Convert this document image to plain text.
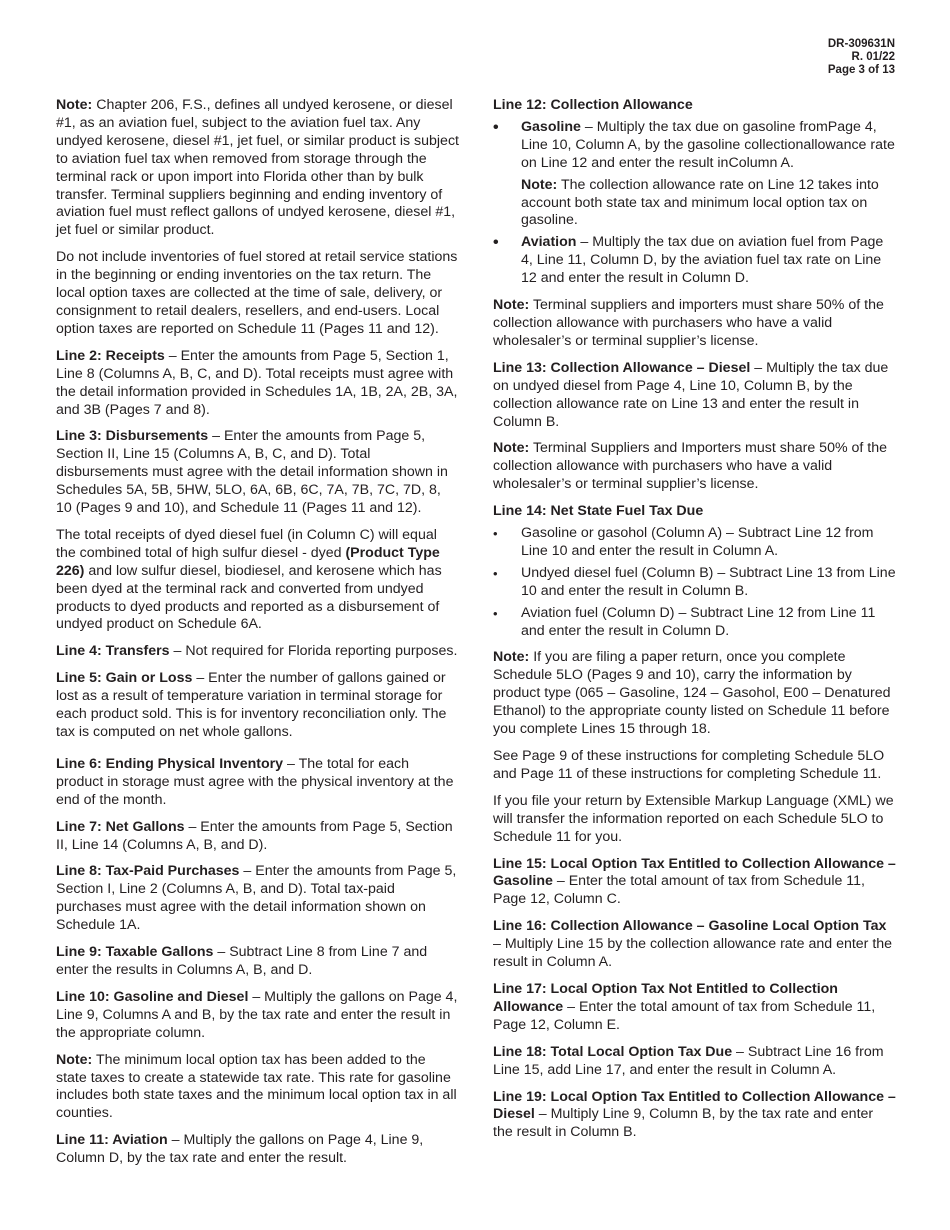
DR-309631N
R. 01/22
Page 3 of 13

Note: Chapter 206, F.S., defines all undyed kerosene, or diesel #1, as an aviation fuel, subject to the aviation fuel tax. Any undyed kerosene, diesel #1, jet fuel, or similar product is subject to aviation fuel tax when removed from storage through the terminal rack or upon import into Florida other than by bulk transfer. Terminal suppliers beginning and ending inventory of aviation fuel must reflect gallons of undyed kerosene, diesel #1, jet fuel or similar product.

Do not include inventories of fuel stored at retail service stations in the beginning or ending inventories on the tax return. The local option taxes are collected at the time of sale, delivery, or consignment to retail dealers, resellers, and end-users. Local option taxes are reported on Schedule 11 (Pages 11 and 12).

Line 2: Receipts – Enter the amounts from Page 5, Section 1, Line 8 (Columns A, B, C, and D). Total receipts must agree with the detail information provided in Schedules 1A, 1B, 2A, 2B, 3A, and 3B (Pages 7 and 8).

Line 3: Disbursements – Enter the amounts from Page 5, Section II, Line 15 (Columns A, B, C, and D). Total disbursements must agree with the detail information shown in Schedules 5A, 5B, 5HW, 5LO, 6A, 6B, 6C, 7A, 7B, 7C, 7D, 8, 10 (Pages 9 and 10), and Schedule 11 (Pages 11 and 12).

The total receipts of dyed diesel fuel (in Column C) will equal the combined total of high sulfur diesel - dyed (Product Type 226) and low sulfur diesel, biodiesel, and kerosene which has been dyed at the terminal rack and converted from undyed products to dyed products and reported as a disbursement of undyed product on Schedule 6A.

Line 4: Transfers – Not required for Florida reporting purposes.

Line 5: Gain or Loss – Enter the number of gallons gained or lost as a result of temperature variation in terminal storage for each product sold. This is for inventory reconciliation only. The tax is computed on net whole gallons.

Line 6: Ending Physical Inventory – The total for each product in storage must agree with the physical inventory at the end of the month.

Line 7: Net Gallons – Enter the amounts from Page 5, Section II, Line 14 (Columns A, B, and D).

Line 8: Tax-Paid Purchases – Enter the amounts from Page 5, Section I, Line 2 (Columns A, B, and D). Total tax-paid purchases must agree with the detail information shown on Schedule 1A.

Line 9: Taxable Gallons – Subtract Line 8 from Line 7 and enter the results in Columns A, B, and D.

Line 10: Gasoline and Diesel – Multiply the gallons on Page 4, Line 9, Columns A and B, by the tax rate and enter the result in the appropriate column.

Note: The minimum local option tax has been added to the state taxes to create a statewide tax rate. This rate for gasoline includes both state taxes and the minimum local option tax in all counties.

Line 11: Aviation – Multiply the gallons on Page 4, Line 9, Column D, by the tax rate and enter the result.

Line 12: Collection Allowance

•	Gasoline – Multiply the tax due on gasoline fromPage 4, Line 10, Column A, by the gasoline collectionallowance rate on Line 12 and enter the result inColumn A.

Note: The collection allowance rate on Line 12 takes into account both state tax and minimum local option tax on gasoline.

•	Aviation – Multiply the tax due on aviation fuel from Page 4, Line 11, Column D, by the aviation fuel tax rate on Line 12 and enter the result in Column D.

Note: Terminal suppliers and importers must share 50% of the collection allowance with purchasers who have a valid wholesaler’s or terminal supplier’s license.

Line 13: Collection Allowance – Diesel – Multiply the tax due on undyed diesel from Page 4, Line 10, Column B, by the collection allowance rate on Line 13 and enter the result in Column B.

Note: Terminal Suppliers and Importers must share 50% of the collection allowance with purchasers who have a valid wholesaler’s or terminal supplier’s license.

Line 14: Net State Fuel Tax Due

•	Gasoline or gasohol (Column A) – Subtract Line 12 from Line 10 and enter the result in Column A.
•	Undyed diesel fuel (Column B) – Subtract Line 13 from Line 10 and enter the result in Column B.
•	Aviation fuel (Column D) – Subtract Line 12 from Line 11 and enter the result in Column D.

Note: If you are filing a paper return, once you complete Schedule 5LO (Pages 9 and 10), carry the information by product type (065 – Gasoline, 124 – Gasohol, E00 – Denatured Ethanol) to the appropriate county listed on Schedule 11 before you complete Lines 15 through 18.

See Page 9 of these instructions for completing Schedule 5LO and Page 11 of these instructions for completing Schedule 11.

If you file your return by Extensible Markup Language (XML) we will transfer the information reported on each Schedule 5LO to Schedule 11 for you.

Line 15: Local Option Tax Entitled to Collection Allowance – Gasoline – Enter the total amount of tax from Schedule 11, Page 12, Column C.

Line 16: Collection Allowance – Gasoline Local Option Tax – Multiply Line 15 by the collection allowance rate and enter the result in Column A.

Line 17: Local Option Tax Not Entitled to Collection Allowance – Enter the total amount of tax from Schedule 11, Page 12, Column E.

Line 18: Total Local Option Tax Due – Subtract Line 16 from Line 15, add Line 17, and enter the result in Column A.

Line 19: Local Option Tax Entitled to Collection Allowance – Diesel – Multiply Line 9, Column B, by the tax rate and enter the result in Column B.
